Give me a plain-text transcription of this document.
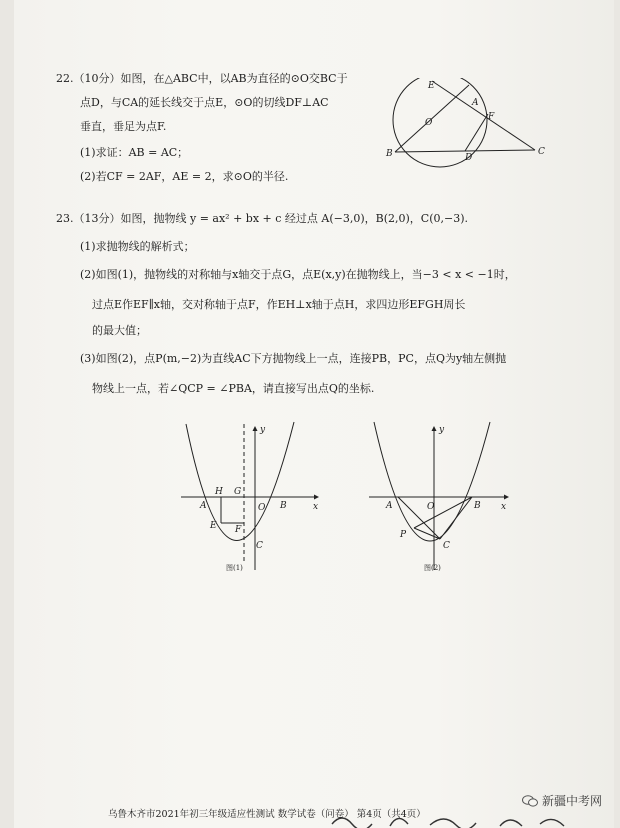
22.（10分）如图，在△ABC中，以AB为直径的⊙O交BC于
点D，与CA的延长线交于点E，⊙O的切线DF⊥AC
垂直，垂足为点F.
(1)求证：AB = AC；
(2)若CF = 2AF，AE = 2，求⊙O的半径.
E
A
F
O
B	D
C
23.（13分）如图，抛物线 y = ax² + bx + c 经过点 A(−3,0)，B(2,0)，C(0,−3).
(1)求抛物线的解析式；
(2)如图(1)，抛物线的对称轴与x轴交于点G，点E(x,y)在抛物线上，当−3 < x < −1时，
过点E作EF∥x轴，交对称轴于点F，作EH⊥x轴于点H，求四边形EFGH周长
的最大值；
(3)如图(2)，点P(m,−2)为直线AC下方抛物线上一点，连接PB，PC，点Q为y轴左侧抛
物线上一点，若∠QCP = ∠PBA，请直接写出点Q的坐标.
y
x
H G
A	O B
E F
C
图(1)
y
x
A	O	B
P
C
图(2)
乌鲁木齐市2021年初三年级适应性测试 数学试卷（问卷） 第4页（共4页）
新疆中考网
